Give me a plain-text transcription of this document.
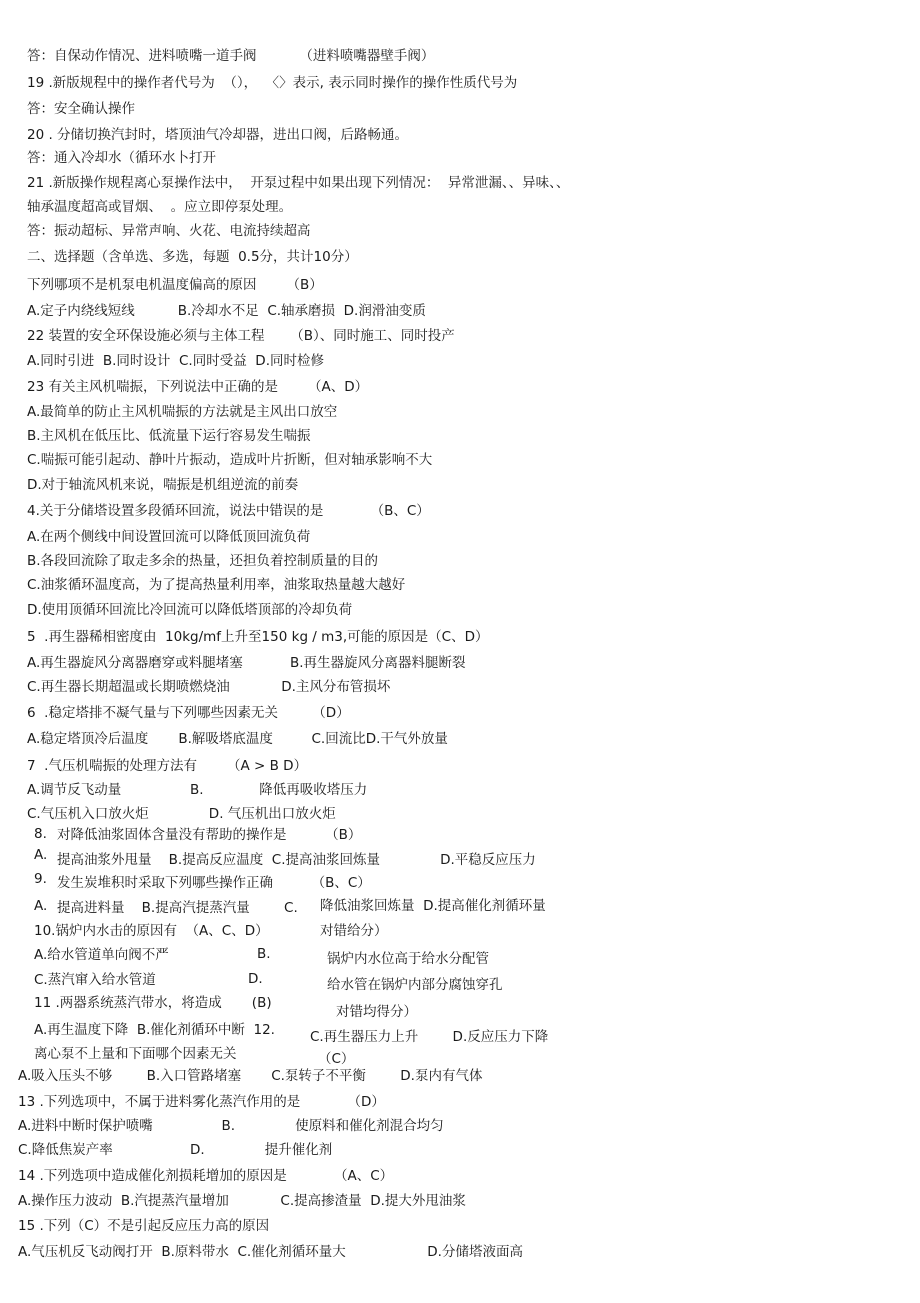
答：自保动作情况、进料喷嘴一道手阀          （进料喷嘴器壁手阀）
19 .新版规程中的操作者代号为  （），  〈〉表示, 表示同时操作的操作性质代号为
答：安全确认操作
20 . 分储切换汽封时，塔顶油气冷却器，进出口阀，后路畅通。
答：通入冷却水（循环水卜打开
21 .新版操作规程离心泵操作法中，  开泵过程中如果出现下列情况：  异常泄漏、、异味、、
轴承温度超高或冒烟、  。应立即停泵处理。
答：振动超标、异常声响、火花、电流持续超高
二、选择题（含单选、多选，每题  0.5分，共计10分）
下列哪项不是机泵电机温度偏高的原因       （B）
A.定子内绕线短线          B.冷却水不足  C.轴承磨损  D.润滑油变质
22 装置的安全环保设施必须与主体工程      （B）、同时施工、同时投产
A.同时引进  B.同时设计  C.同时受益  D.同时检修
23 有关主风机喘振，下列说法中正确的是       （A、D）
A.最简单的防止主风机喘振的方法就是主风出口放空
B.主风机在低压比、低流量下运行容易发生喘振
C.喘振可能引起动、静叶片振动，造成叶片折断，但对轴承影响不大
D.对于轴流风机来说，喘振是机组逆流的前奏
4.关于分储塔设置多段循环回流，说法中错误的是           （B、C）
A.在两个侧线中间设置回流可以降低顶回流负荷
B.各段回流除了取走多余的热量，还担负着控制质量的目的
C.油浆循环温度高，为了提高热量利用率，油浆取热量越大越好
D.使用顶循环回流比冷回流可以降低塔顶部的冷却负荷
5  .再生器稀相密度由  10kg/mf上升至150 kg / m3,可能的原因是（C、D）
A.再生器旋风分离器磨穿或料腿堵塞           B.再生器旋风分离器料腿断裂
C.再生器长期超温或长期喷燃烧油            D.主风分布管损坏
6  .稳定塔排不凝气量与下列哪些因素无关        （D）
A.稳定塔顶冷后温度       B.解吸塔底温度         C.回流比D.干气外放量
7  .气压机喘振的处理方法有       （A > B D）
A.调节反飞动量                B.             降低再吸收塔压力
C.气压机入口放火炬              D. 气压机出口放火炬
8. 对降低油浆固体含量没有帮助的操作是         （B）
A. 提高油浆外甩量    B.提高反应温度  C.提高油浆回炼量              D.平稳反应压力
9. 发生炭堆积时采取下列哪些操作正确         （B、C）
A. 提高进料量    B.提高汽提蒸汽量        C. 降低油浆回炼量  D.提高催化剂循环量
10.锅炉内水击的原因有  （A、C、D）	对错给分）
A.给水管道单向阀不严	B.	锅炉内水位高于给水分配管
C.蒸汽窜入给水管道	D.	给水管在锅炉内部分腐蚀穿孔
11 .两器系统蒸汽带水，将造成       (B)
对错均得分）
A.再生温度下降  B.催化剂循环中断  12.	C.再生器压力上升        D.反应压力下降
离心泵不上量和下面哪个因素无关	（C）
A.吸入压头不够        B.入口管路堵塞       C.泵转子不平衡        D.泵内有气体
13 .下列选项中，不属于进料雾化蒸汽作用的是           （D）
A.进料中断时保护喷嘴                B.              使原料和催化剂混合均匀
C.降低焦炭产率                  D.              提升催化剂
14 .下列选项中造成催化剂损耗增加的原因是           （A、C）
A.操作压力波动  B.汽提蒸汽量增加            C.提高掺渣量  D.提大外甩油浆
15 .下列（C）不是引起反应压力高的原因
A.气压机反飞动阀打开  B.原料带水  C.催化剂循环量大                   D.分储塔液面高
